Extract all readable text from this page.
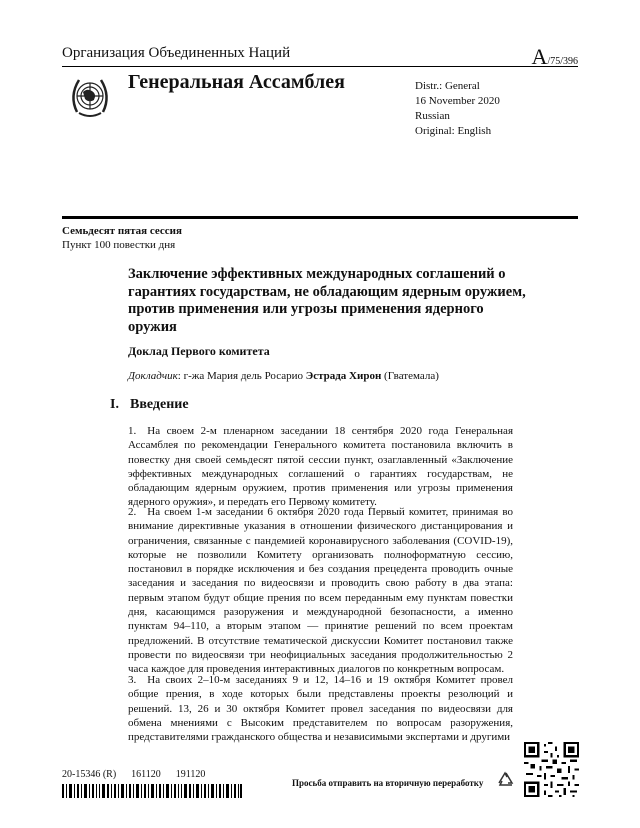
Организация Объединенных Наций	A/75/396
Генеральная Ассамблея	Distr.: General
16 November 2020
Russian
Original: English
Семьдесят пятая сессия
Пункт 100 повестки дня
Заключение эффективных международных соглашений о гарантиях государствам, не обладающим ядерным оружием, против применения или угрозы применения ядерного оружия
Доклад Первого комитета
Докладчик: г-жа Мария дель Росарио Эстрада Хирон (Гватемала)
I. Введение
1. На своем 2-м пленарном заседании 18 сентября 2020 года Генеральная Ассамблея по рекомендации Генерального комитета постановила включить в повестку дня своей семьдесят пятой сессии пункт, озаглавленный «Заключение эффективных международных соглашений о гарантиях государствам, не обладающим ядерным оружием, против применения или угрозы применения ядерного оружия», и передать его Первому комитету.
2. На своем 1-м заседании 6 октября 2020 года Первый комитет, принимая во внимание директивные указания в отношении физического дистанцирования и ограничения, связанные с пандемией коронавирусного заболевания (COVID-19), которые не позволили Комитету организовать полноформатную сессию, постановил в порядке исключения и без создания прецедента проводить очные заседания и заседания по видеосвязи и проводить свою работу в два этапа: первым этапом будут общие прения по всем переданным ему пунктам повестки дня, касающимся разоружения и международной безопасности, а именно пунктам 94–110, а вторым этапом — принятие решений по всем проектам предложений. В отсутствие тематической дискуссии Комитет постановил также провести по видеосвязи три неофициальных заседания продолжительностью 2 часа каждое для проведения интерактивных диалогов по конкретным вопросам.
3. На своих 2–10-м заседаниях 9 и 12, 14–16 и 19 октября Комитет провел общие прения, в ходе которых были представлены проекты резолюций и решений. 13, 26 и 30 октября Комитет провел заседания по видеосвязи для обмена мнениями с Высоким представителем по вопросам разоружения, представителями гражданского общества и независимыми экспертами и другими
20-15346 (R)  161120  191120
Просьба отправить на вторичную переработку
